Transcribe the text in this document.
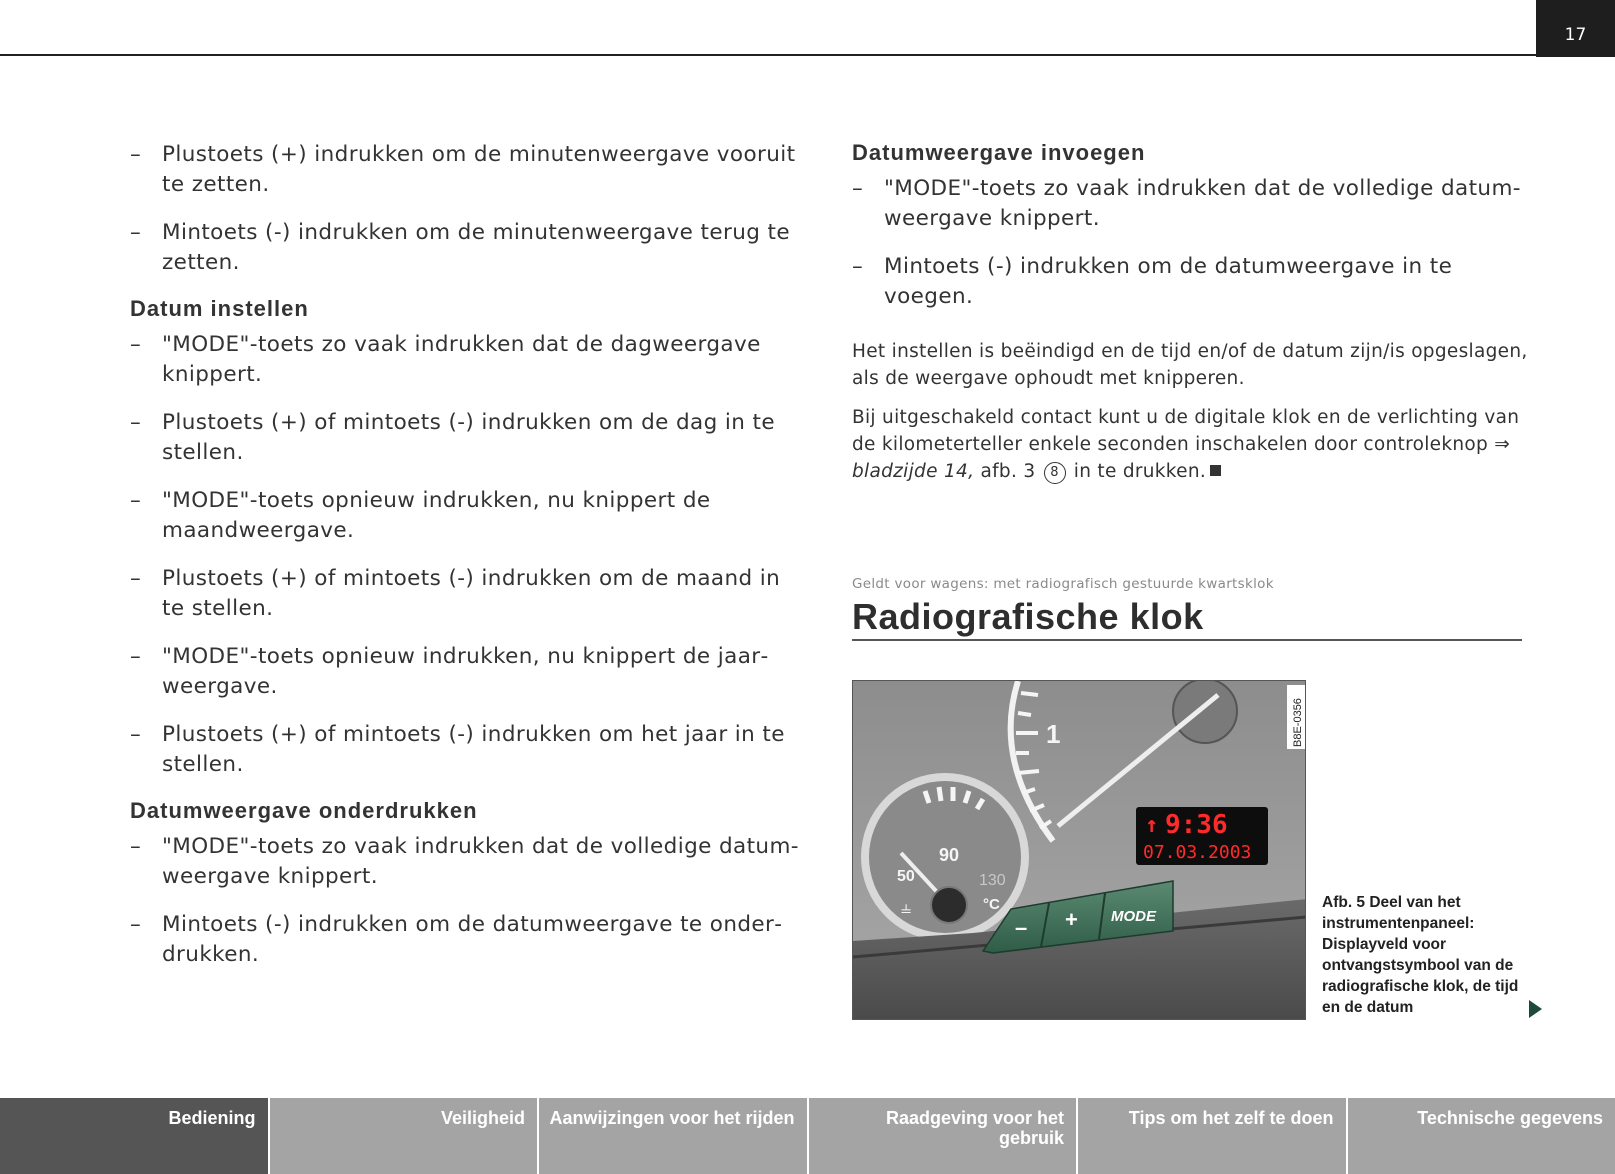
17
– Plustoets (+) indrukken om de minutenweergave vooruit te zetten.
– Mintoets (-) indrukken om de minutenweergave terug te zetten.
Datum instellen
– "MODE"-toets zo vaak indrukken dat de dagweergave knippert.
– Plustoets (+) of mintoets (-) indrukken om de dag in te stellen.
– "MODE"-toets opnieuw indrukken, nu knippert de maandweergave.
– Plustoets (+) of mintoets (-) indrukken om de maand in te stellen.
– "MODE"-toets opnieuw indrukken, nu knippert de jaarweergave.
– Plustoets (+) of mintoets (-) indrukken om het jaar in te stellen.
Datumweergave onderdrukken
– "MODE"-toets zo vaak indrukken dat de volledige datumweergave knippert.
– Mintoets (-) indrukken om de datumweergave te onderdrukken.
Datumweergave invoegen
– "MODE"-toets zo vaak indrukken dat de volledige datumweergave knippert.
– Mintoets (-) indrukken om de datumweergave in te voegen.

Het instellen is beëindigd en de tijd en/of de datum zijn/is opgeslagen, als de weergave ophoudt met knipperen.

Bij uitgeschakeld contact kunt u de digitale klok en de verlichting van de kilometerteller enkele seconden inschakelen door controleknop ⇒ bladzijde 14, afb. 3 8 in te drukken.

Geldt voor wagens: met radiografisch gestuurde kwartsklok
Radiografische klok
1
↑ 9:36
07.03.2003
90
50	130
°C
⫨
– + MODE
B8E-0356
Afb. 5 Deel van het instrumentenpaneel: Displayveld voor ontvangstsymbool van de radiografische klok, de tijd en de datum
Bediening	Veiligheid	Aanwijzingen voor het rijden	Raadgeving voor het gebruik
Tips om het zelf te doen	Technische gegevens
